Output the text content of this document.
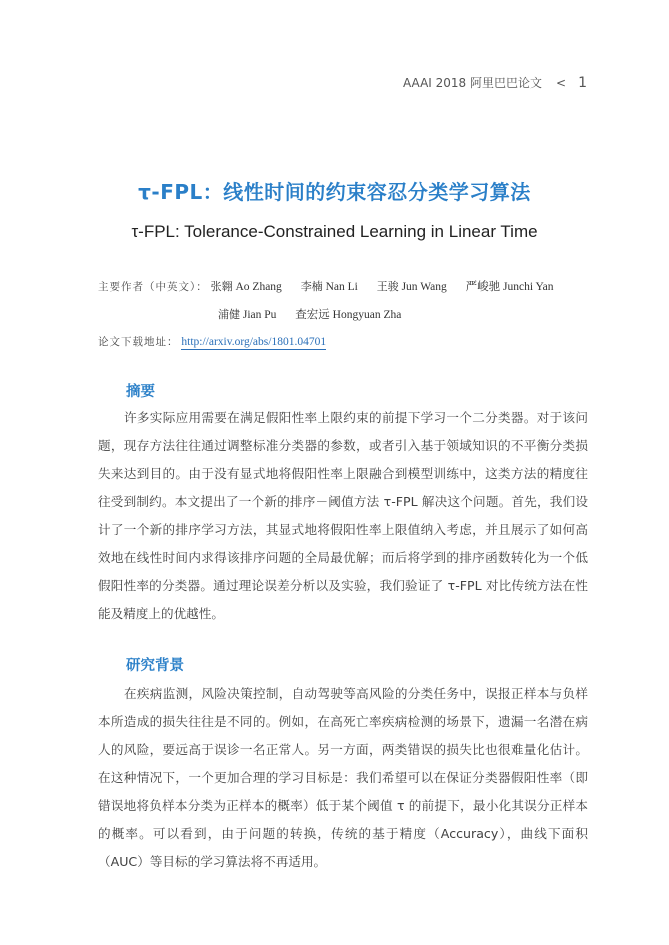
AAAI 2018 阿里巴巴论文 < 1
τ-FPL：线性时间的约束容忍分类学习算法
τ-FPL: Tolerance-Constrained Learning in Linear Time
主要作者（中英文）： 张翱 Ao Zhang 李楠 Nan Li 王骏 Jun Wang 严峻驰 Junchi Yan
浦健 Jian Pu 查宏远 Hongyuan Zha
论文下载地址： http://arxiv.org/abs/1801.04701
摘要

许多实际应用需要在满足假阳性率上限约束的前提下学习一个二分类器。对于该问题，现存方法往往通过调整标准分类器的参数，或者引入基于领域知识的不平衡分类损失来达到目的。由于没有显式地将假阳性率上限融合到模型训练中，这类方法的精度往往受到制约。本文提出了一个新的排序－阈值方法 τ-FPL 解决这个问题。首先，我们设计了一个新的排序学习方法，其显式地将假阳性率上限值纳入考虑，并且展示了如何高效地在线性时间内求得该排序问题的全局最优解；而后将学到的排序函数转化为一个低假阳性率的分类器。通过理论误差分析以及实验，我们验证了 τ-FPL 对比传统方法在性能及精度上的优越性。

研究背景

在疾病监测，风险决策控制，自动驾驶等高风险的分类任务中，误报正样本与负样本所造成的损失往往是不同的。例如，在高死亡率疾病检测的场景下，遗漏一名潜在病人的风险，要远高于误诊一名正常人。另一方面，两类错误的损失比也很难量化估计。在这种情况下，一个更加合理的学习目标是：我们希望可以在保证分类器假阳性率（即错误地将负样本分类为正样本的概率）低于某个阈值 τ 的前提下，最小化其误分正样本的概率。可以看到，由于问题的转换，传统的基于精度（Accuracy），曲线下面积（AUC）等目标的学习算法将不再适用。
